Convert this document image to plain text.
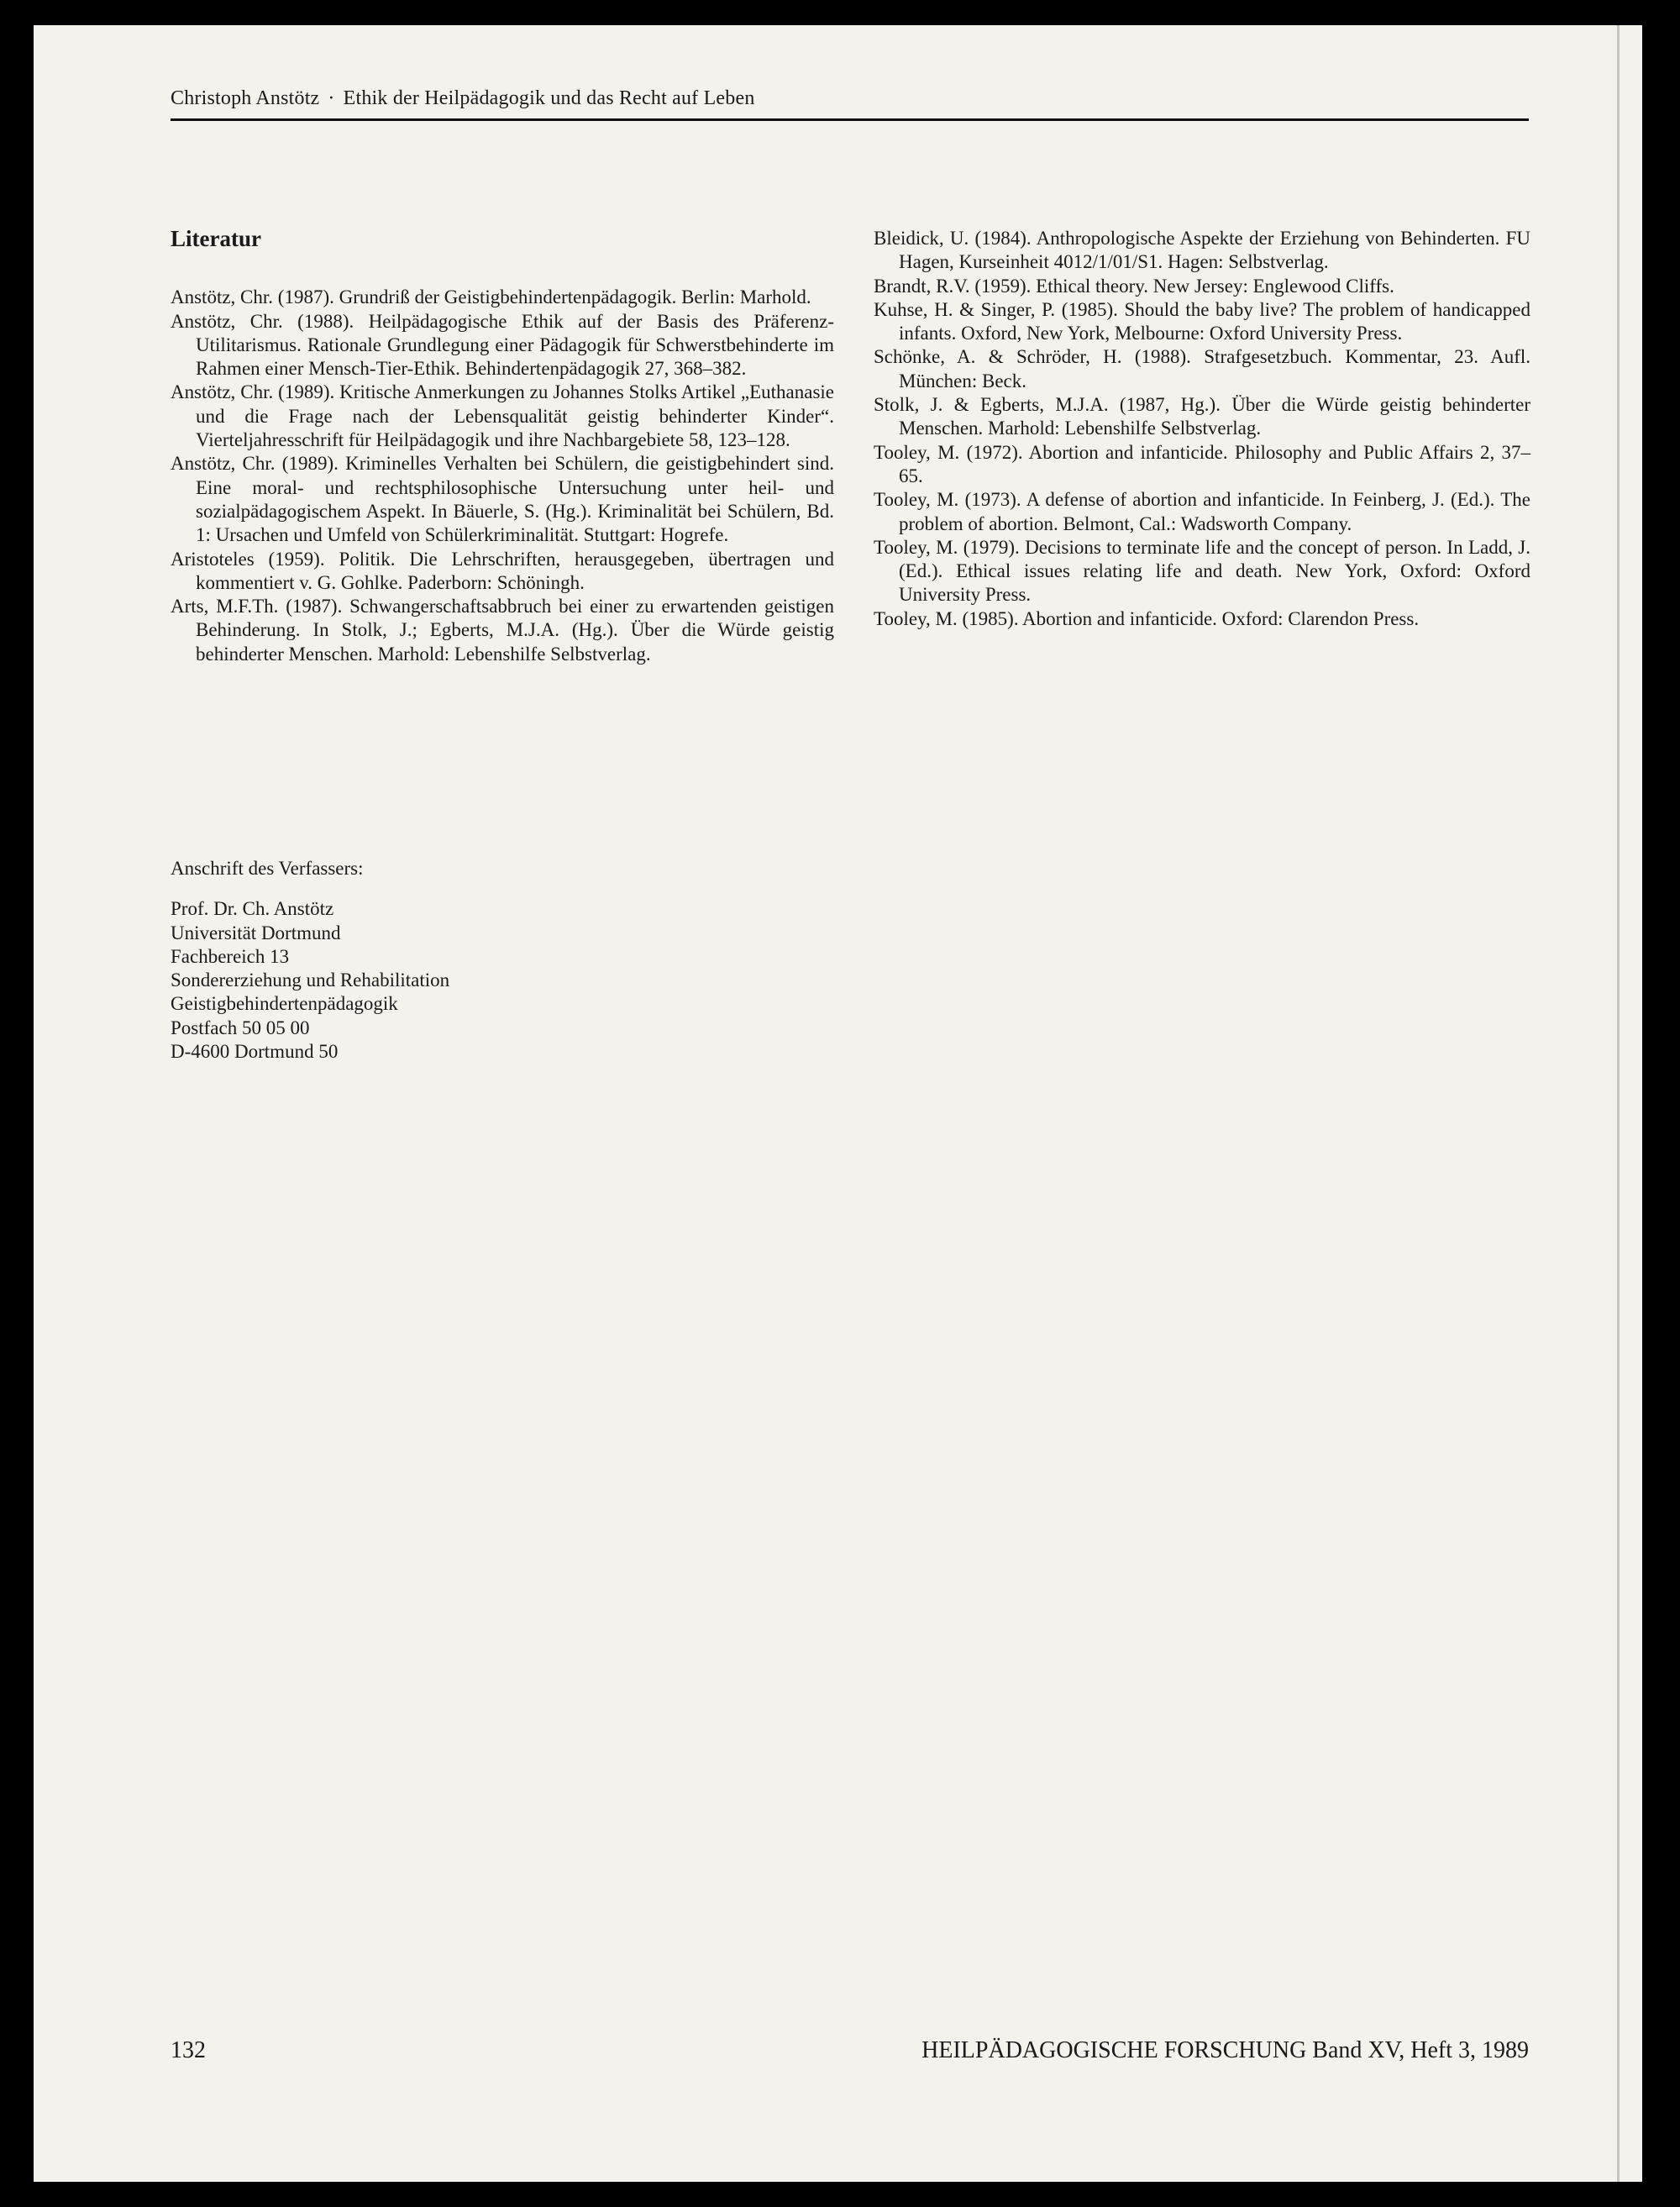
Christoph Anstötz · Ethik der Heilpädagogik und das Recht auf Leben
Literatur

Anstötz, Chr. (1987). Grundriß der Geistigbehindertenpädagogik. Berlin: Marhold.

Anstötz, Chr. (1988). Heilpädagogische Ethik auf der Basis des Präferenz-Utilitarismus. Rationale Grundlegung einer Pädagogik für Schwerstbehinderte im Rahmen einer Mensch-Tier-Ethik. Behindertenpädagogik 27, 368–382.

Anstötz, Chr. (1989). Kritische Anmerkungen zu Johannes Stolks Artikel „Euthanasie und die Frage nach der Lebensqualität geistig behinderter Kinder“. Vierteljahresschrift für Heilpädagogik und ihre Nachbargebiete 58, 123–128.

Anstötz, Chr. (1989). Kriminelles Verhalten bei Schülern, die geistigbehindert sind. Eine moral- und rechtsphilosophische Untersuchung unter heil- und sozialpädagogischem Aspekt. In Bäuerle, S. (Hg.). Kriminalität bei Schülern, Bd. 1: Ursachen und Umfeld von Schülerkriminalität. Stuttgart: Hogrefe.

Aristoteles (1959). Politik. Die Lehrschriften, herausgegeben, übertragen und kommentiert v. G. Gohlke. Paderborn: Schöningh.

Arts, M.F.Th. (1987). Schwangerschaftsabbruch bei einer zu erwartenden geistigen Behinderung. In Stolk, J.; Egberts, M.J.A. (Hg.). Über die Würde geistig behinderter Menschen. Marhold: Lebenshilfe Selbstverlag.

Bleidick, U. (1984). Anthropologische Aspekte der Erziehung von Behinderten. FU Hagen, Kurseinheit 4012/1/01/S1. Hagen: Selbstverlag.

Brandt, R.V. (1959). Ethical theory. New Jersey: Englewood Cliffs.

Kuhse, H. & Singer, P. (1985). Should the baby live? The problem of handicapped infants. Oxford, New York, Melbourne: Oxford University Press.

Schönke, A. & Schröder, H. (1988). Strafgesetzbuch. Kommentar, 23. Aufl. München: Beck.

Stolk, J. & Egberts, M.J.A. (1987, Hg.). Über die Würde geistig behinderter Menschen. Marhold: Lebenshilfe Selbstverlag.

Tooley, M. (1972). Abortion and infanticide. Philosophy and Public Affairs 2, 37–65.

Tooley, M. (1973). A defense of abortion and infanticide. In Feinberg, J. (Ed.). The problem of abortion. Belmont, Cal.: Wadsworth Company.

Tooley, M. (1979). Decisions to terminate life and the concept of person. In Ladd, J. (Ed.). Ethical issues relating life and death. New York, Oxford: Oxford University Press.

Tooley, M. (1985). Abortion and infanticide. Oxford: Clarendon Press.

Anschrift des Verfassers:

Prof. Dr. Ch. Anstötz

Universität Dortmund

Fachbereich 13

Sondererziehung und Rehabilitation

Geistigbehindertenpädagogik

Postfach 50 05 00

D-4600 Dortmund 50

132	HEILPÄDAGOGISCHE FORSCHUNG Band XV, Heft 3, 1989
